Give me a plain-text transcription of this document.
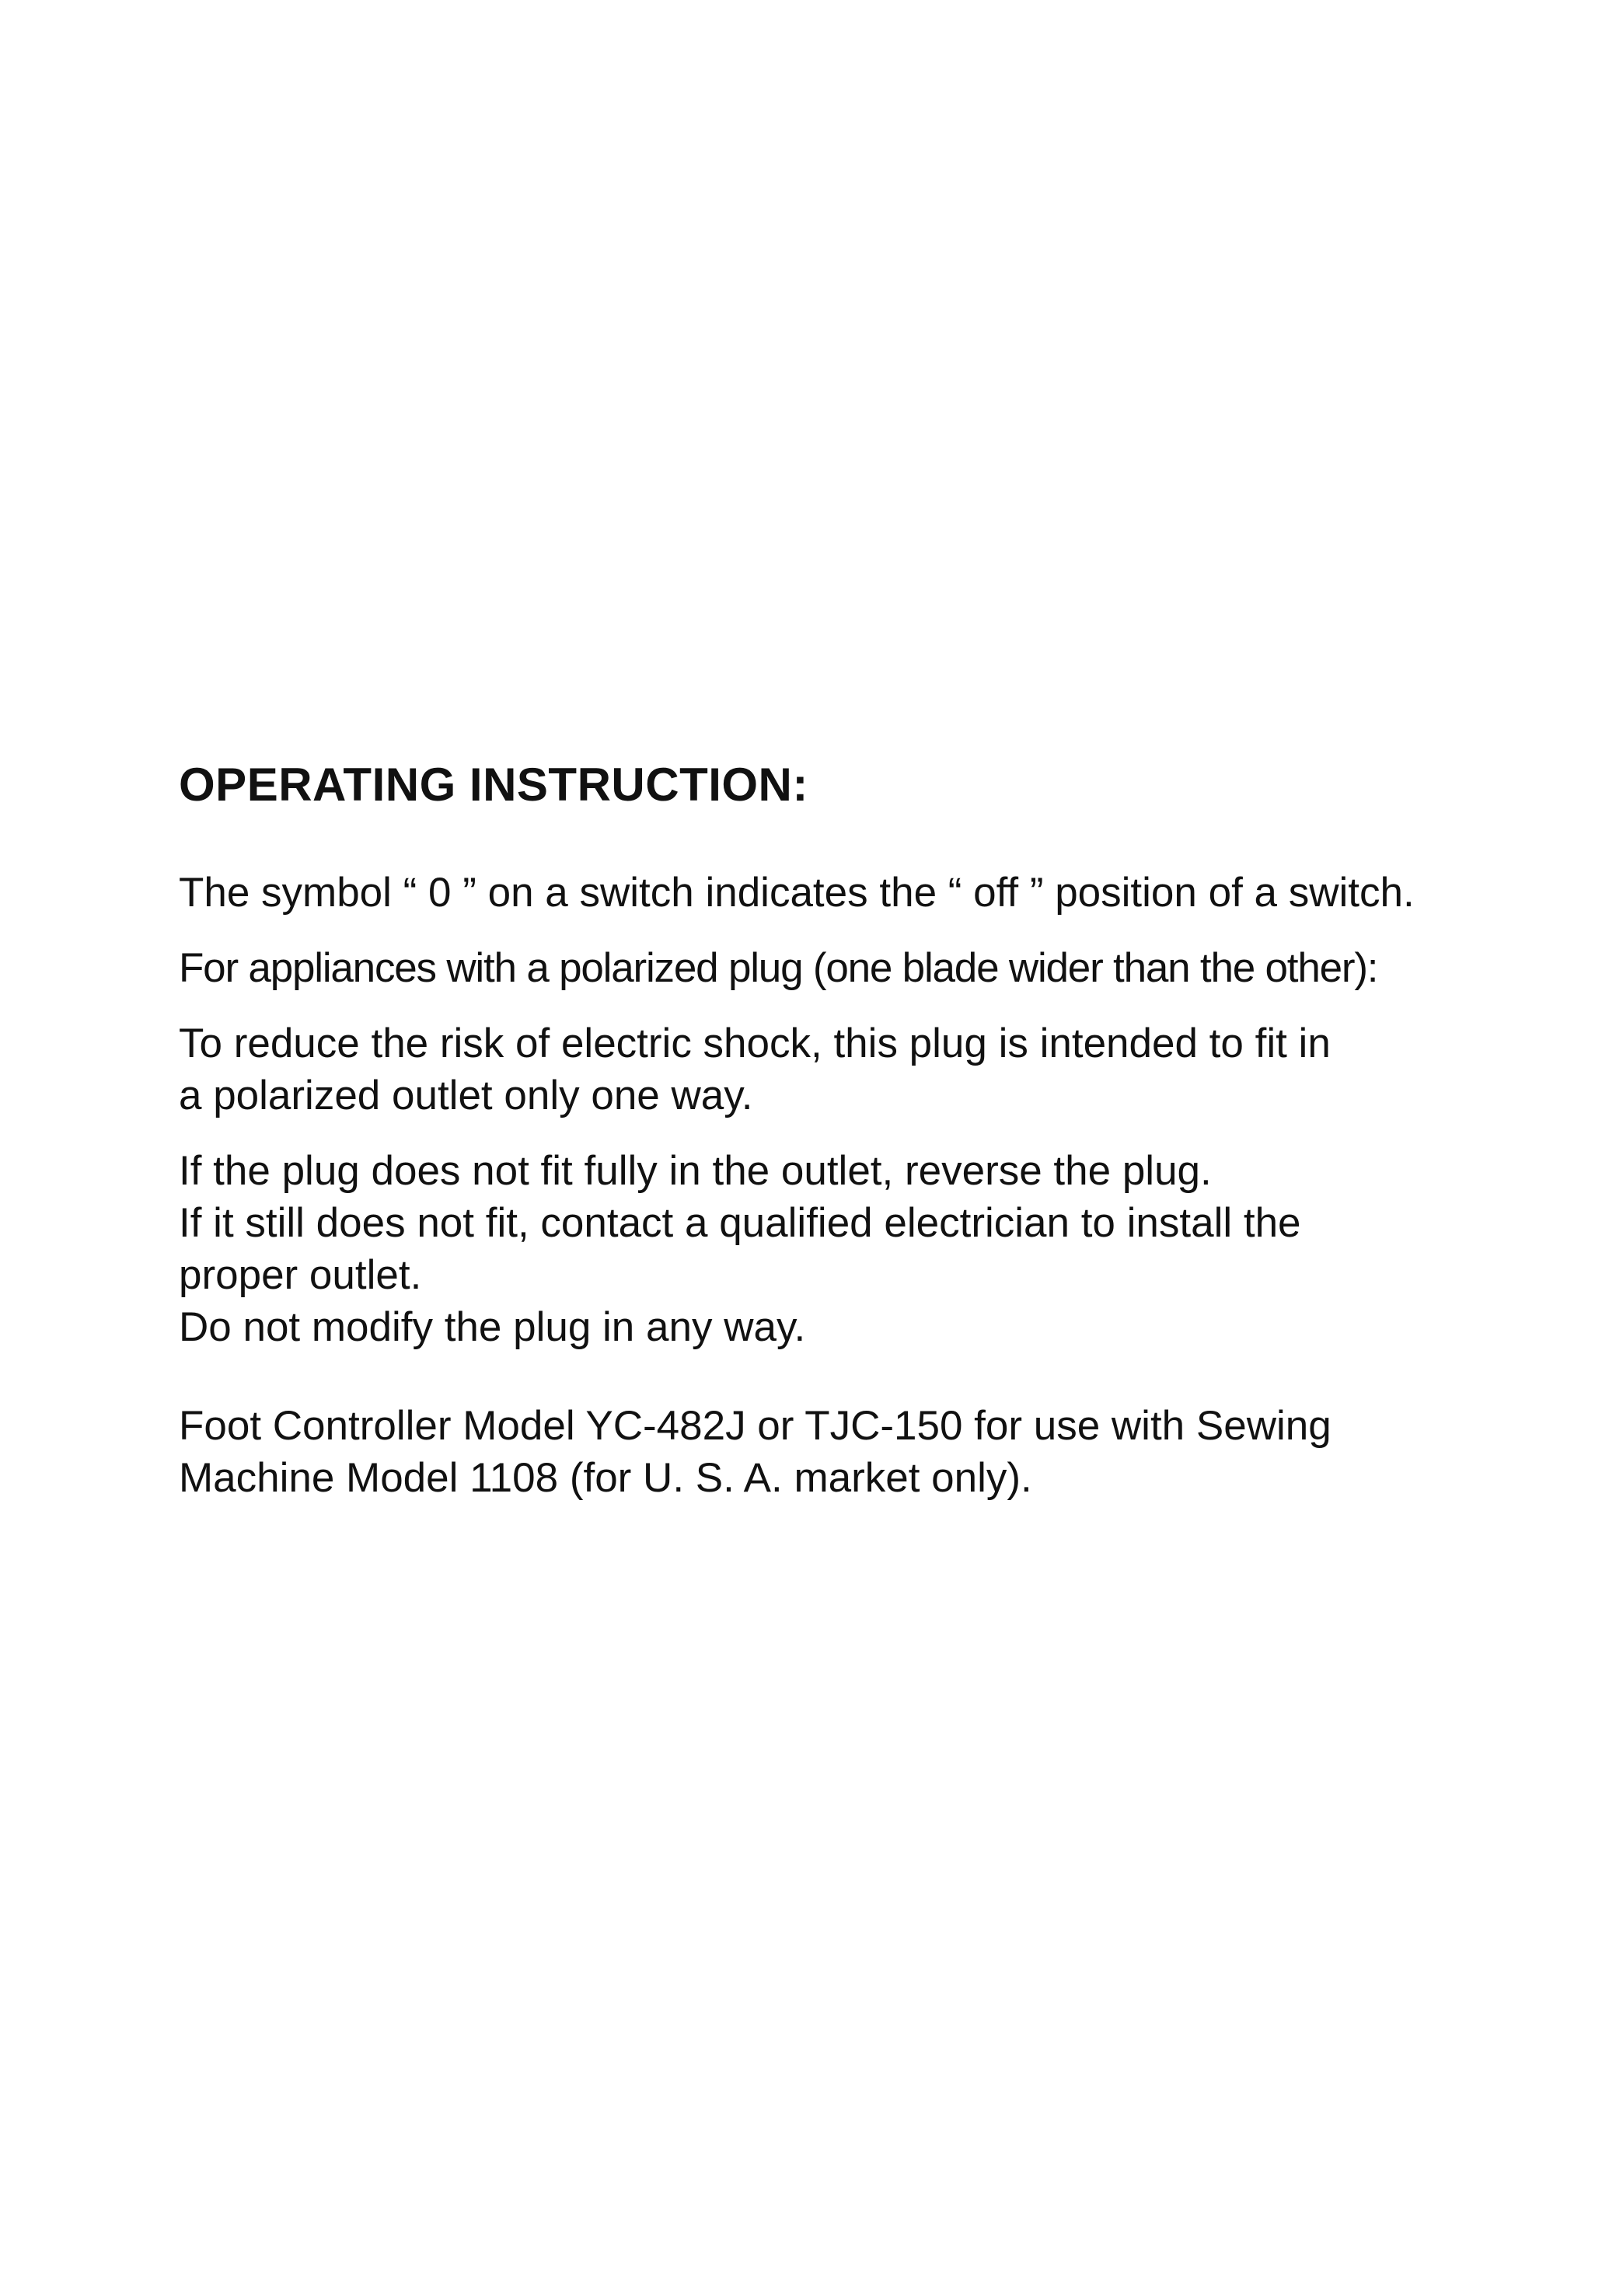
OPERATING INSTRUCTION:

The symbol “ 0 ” on a switch indicates the “ off ” position of a switch.

For appliances with a polarized plug (one blade wider than the other):

To reduce the risk of electric shock, this plug is intended to fit in
a polarized outlet only one way.

If the plug does not fit fully in the outlet, reverse the plug.
If it still does not fit, contact a qualified electrician to install the
proper outlet.
Do not modify the plug in any way.

Foot Controller Model YC-482J or TJC-150 for use with Sewing
Machine Model 1108 (for U. S. A. market only).
